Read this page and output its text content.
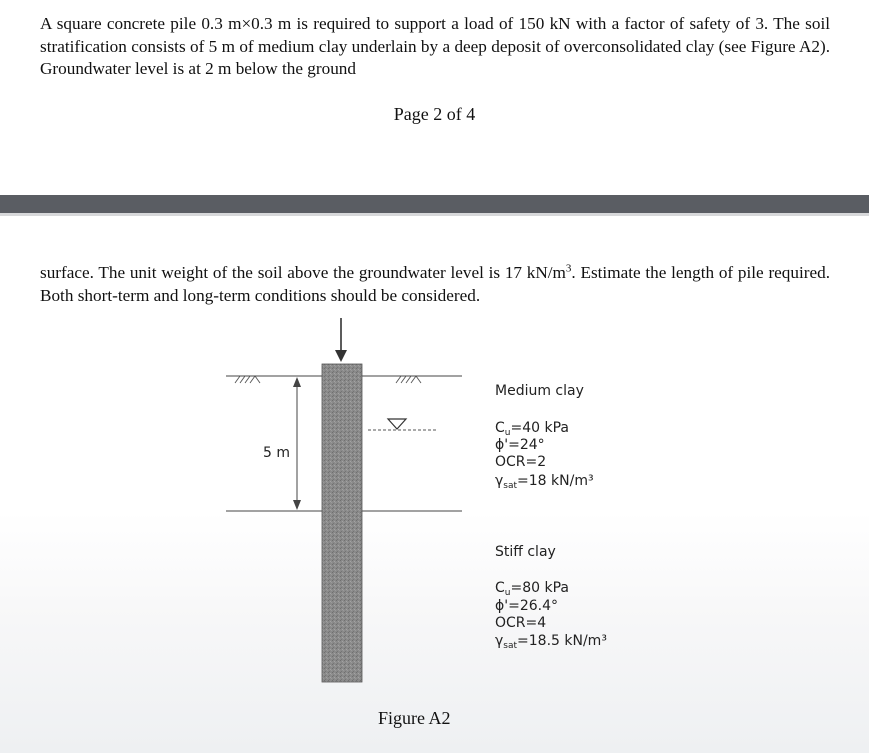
A square concrete pile 0.3 m×0.3 m is required to support a load of 150 kN with a factor of safety of 3. The soil stratification consists of 5 m of medium clay underlain by a deep deposit of overconsolidated clay (see Figure A2). Groundwater level is at 2 m below the ground
Page 2 of 4
surface. The unit weight of the soil above the groundwater level is 17 $kN/m^3$. Estimate the length of pile required. Both short-term and long-term conditions should be considered.
5 m
Medium clay
$C_u=40$ kPa
ϕ'=24°
OCR=2
$\gamma_{sat}=18$ kN/m³
Stiff clay
$C_u=80$ kPa
ϕ'=26.4°
OCR=4
$\gamma_{sat}=18.5$ kN/m³
Figure A2
